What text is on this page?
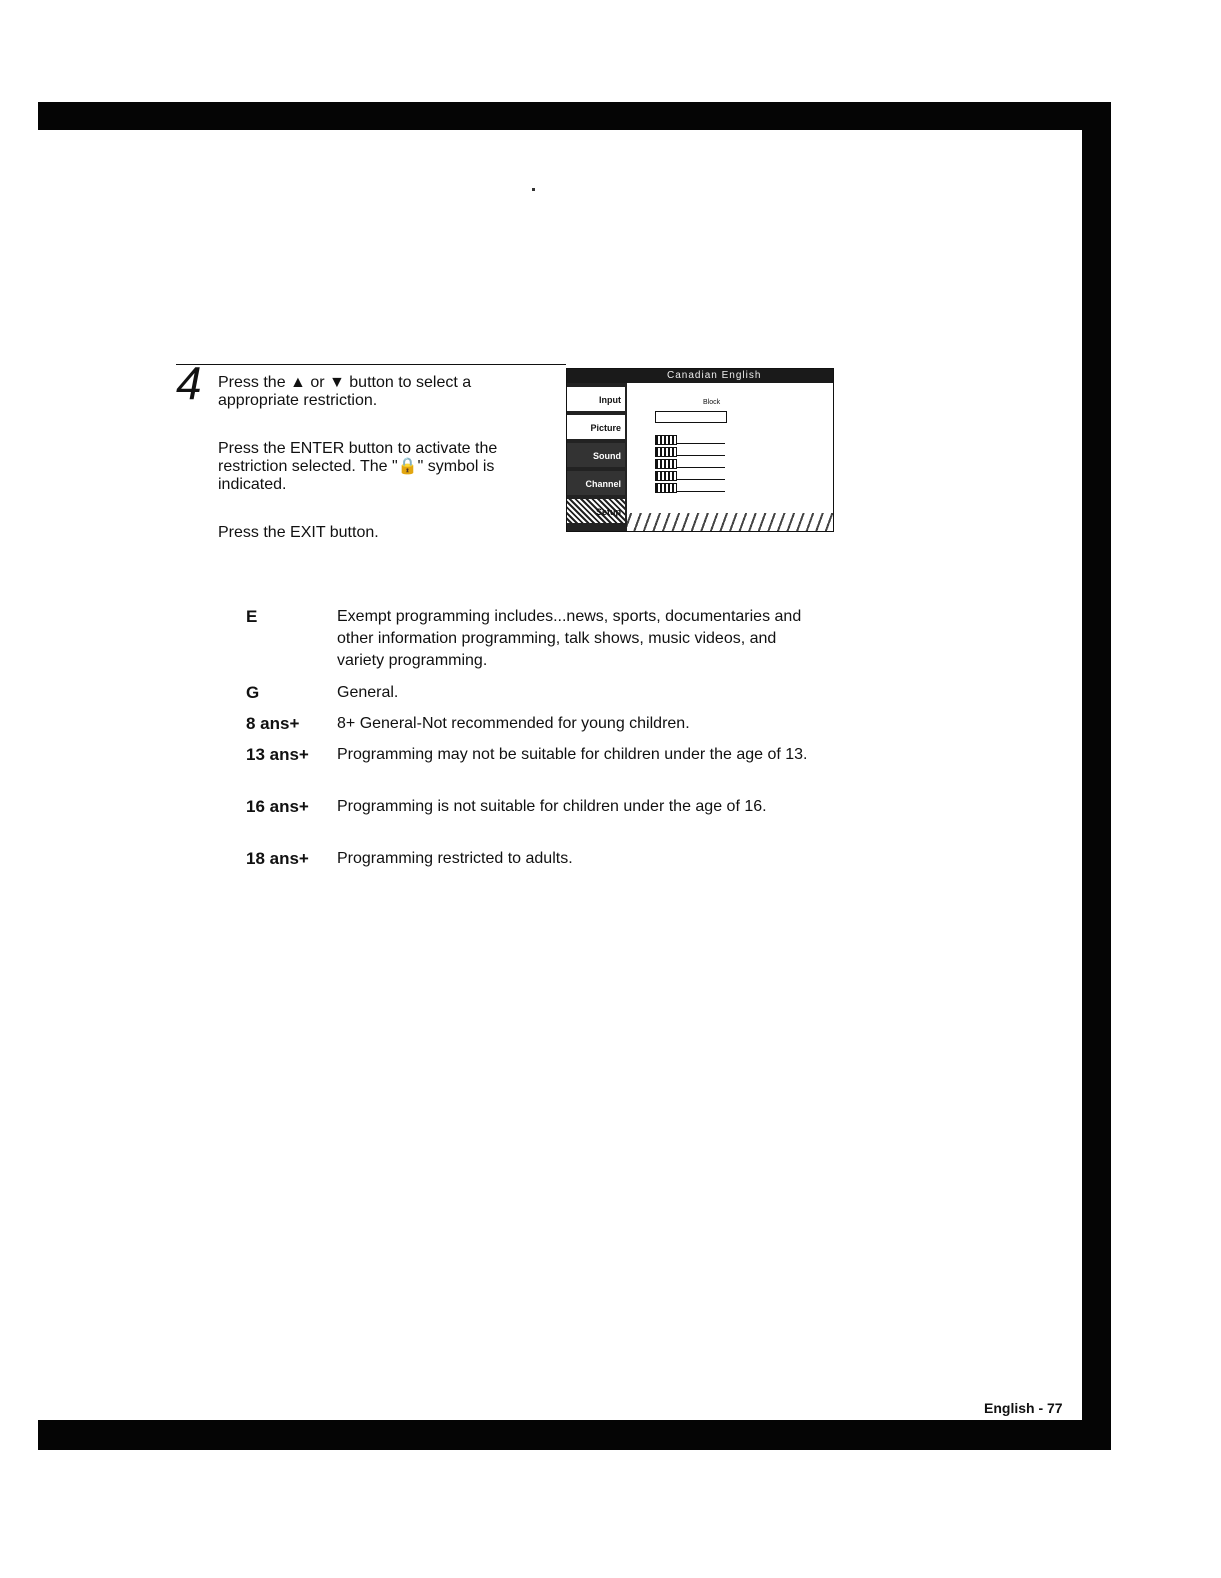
4 Press the ▲ or ▼ button to select a appropriate restriction.
Press the ENTER button to activate the restriction selected. The "🔒" symbol is indicated.
Press the EXIT button.
Canadian English
Input
Picture
Sound
Channel
Setup
Block
E	Exempt programming includes...news, sports, documentaries and other information programming, talk shows, music videos, and variety programming.
G	General.
8 ans+	8+ General-Not recommended for young children.
13 ans+	Programming may not be suitable for children under the age of 13.
16 ans+	Programming is not suitable for children under the age of 16.
18 ans+	Programming restricted to adults.
English - 77
